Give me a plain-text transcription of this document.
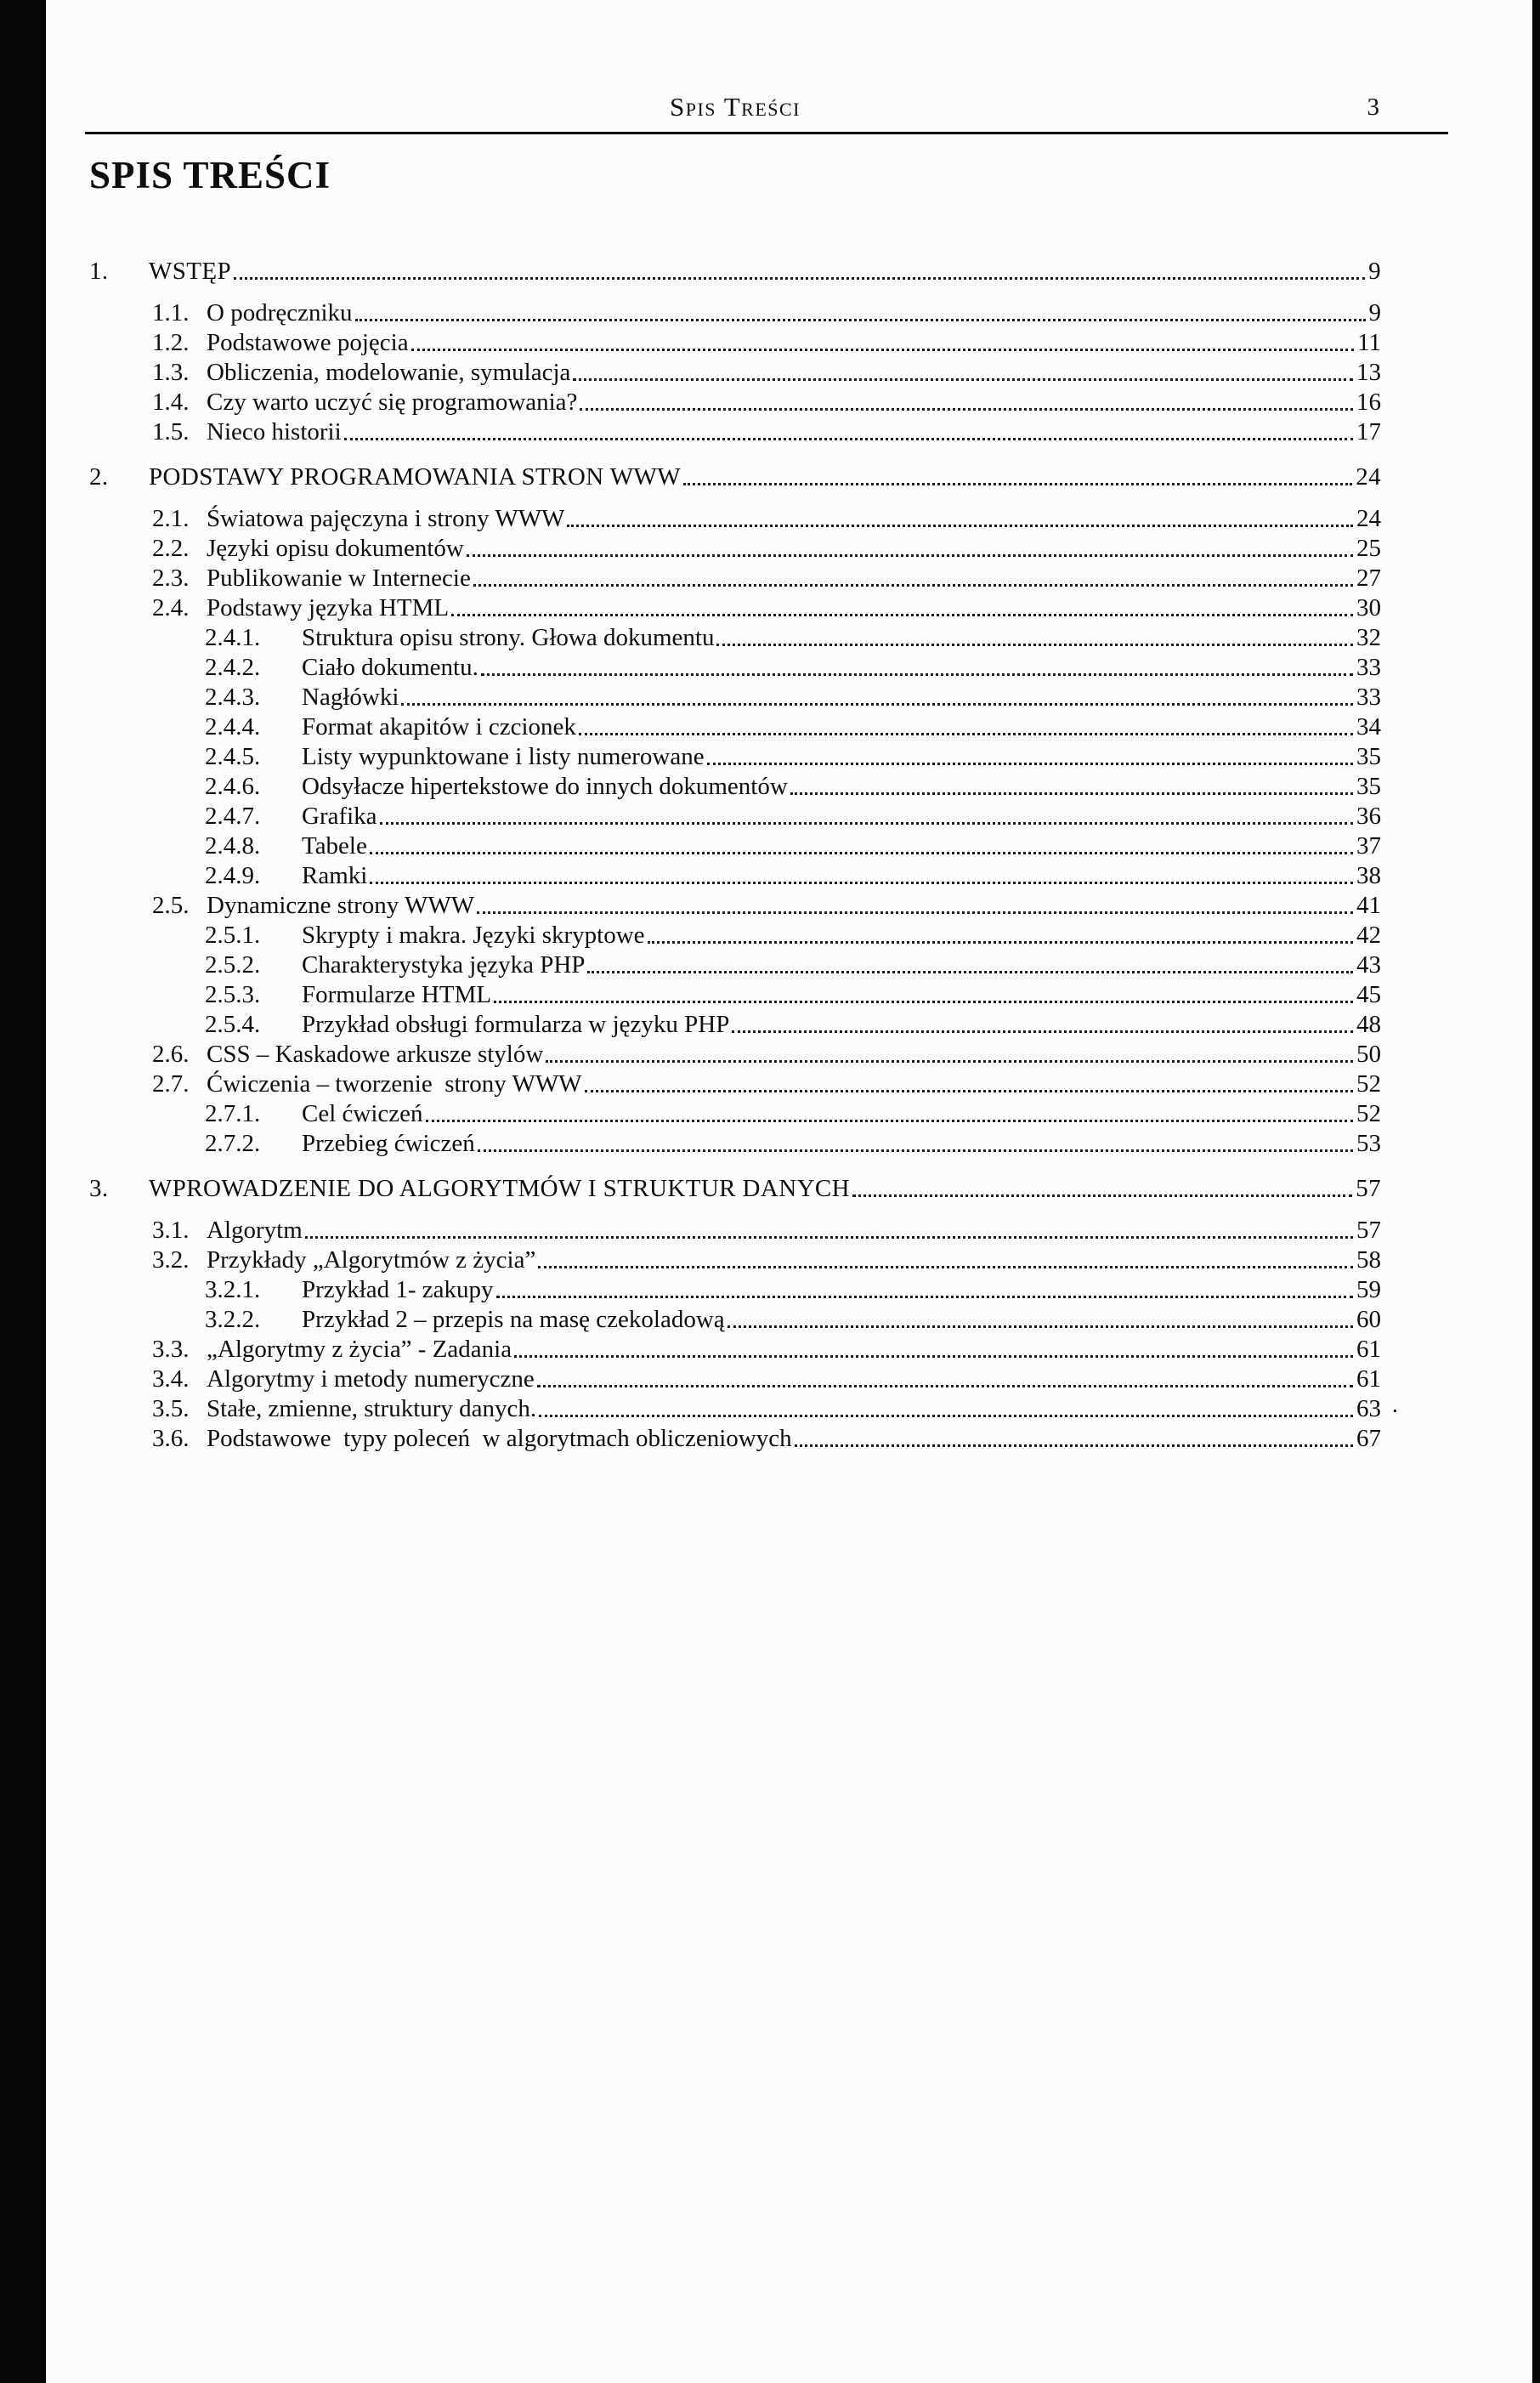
Spis Treści	3
SPIS TREŚCI
1.	WSTĘP	9
1.1. O podręczniku	9
1.2. Podstawowe pojęcia	11
1.3. Obliczenia, modelowanie, symulacja	13
1.4. Czy warto uczyć się programowania?	16
1.5. Nieco historii	17
2.	PODSTAWY PROGRAMOWANIA STRON WWW	24
2.1. Światowa pajęczyna i strony WWW	24
2.2. Języki opisu dokumentów	25
2.3. Publikowanie w Internecie	27
2.4. Podstawy języka HTML	30
2.4.1.	Struktura opisu strony. Głowa dokumentu	32
2.4.2.	Ciało dokumentu.	33
2.4.3.	Nagłówki	33
2.4.4.	Format akapitów i czcionek	34
2.4.5.	Listy wypunktowane i listy numerowane	35
2.4.6.	Odsyłacze hipertekstowe do innych dokumentów	35
2.4.7.	Grafika	36
2.4.8.	Tabele	37
2.4.9.	Ramki	38
2.5. Dynamiczne strony WWW	41
2.5.1.	Skrypty i makra. Języki skryptowe	42
2.5.2.	Charakterystyka języka PHP	43
2.5.3.	Formularze HTML	45
2.5.4.	Przykład obsługi formularza w języku PHP	48
2.6. CSS – Kaskadowe arkusze stylów	50
2.7. Ćwiczenia – tworzenie  strony WWW	52
2.7.1.	Cel ćwiczeń	52
2.7.2.	Przebieg ćwiczeń	53
3.	WPROWADZENIE DO ALGORYTMÓW I STRUKTUR DANYCH	57
3.1. Algorytm	57
3.2. Przykłady „Algorytmów z życia”	58
3.2.1.	Przykład 1- zakupy	59
3.2.2.	Przykład 2 – przepis na masę czekoladową	60
3.3. „Algorytmy z życia” - Zadania	61
3.4. Algorytmy i metody numeryczne	61
3.5. Stałe, zmienne, struktury danych.	63 .
3.6. Podstawowe  typy poleceń  w algorytmach obliczeniowych	67
